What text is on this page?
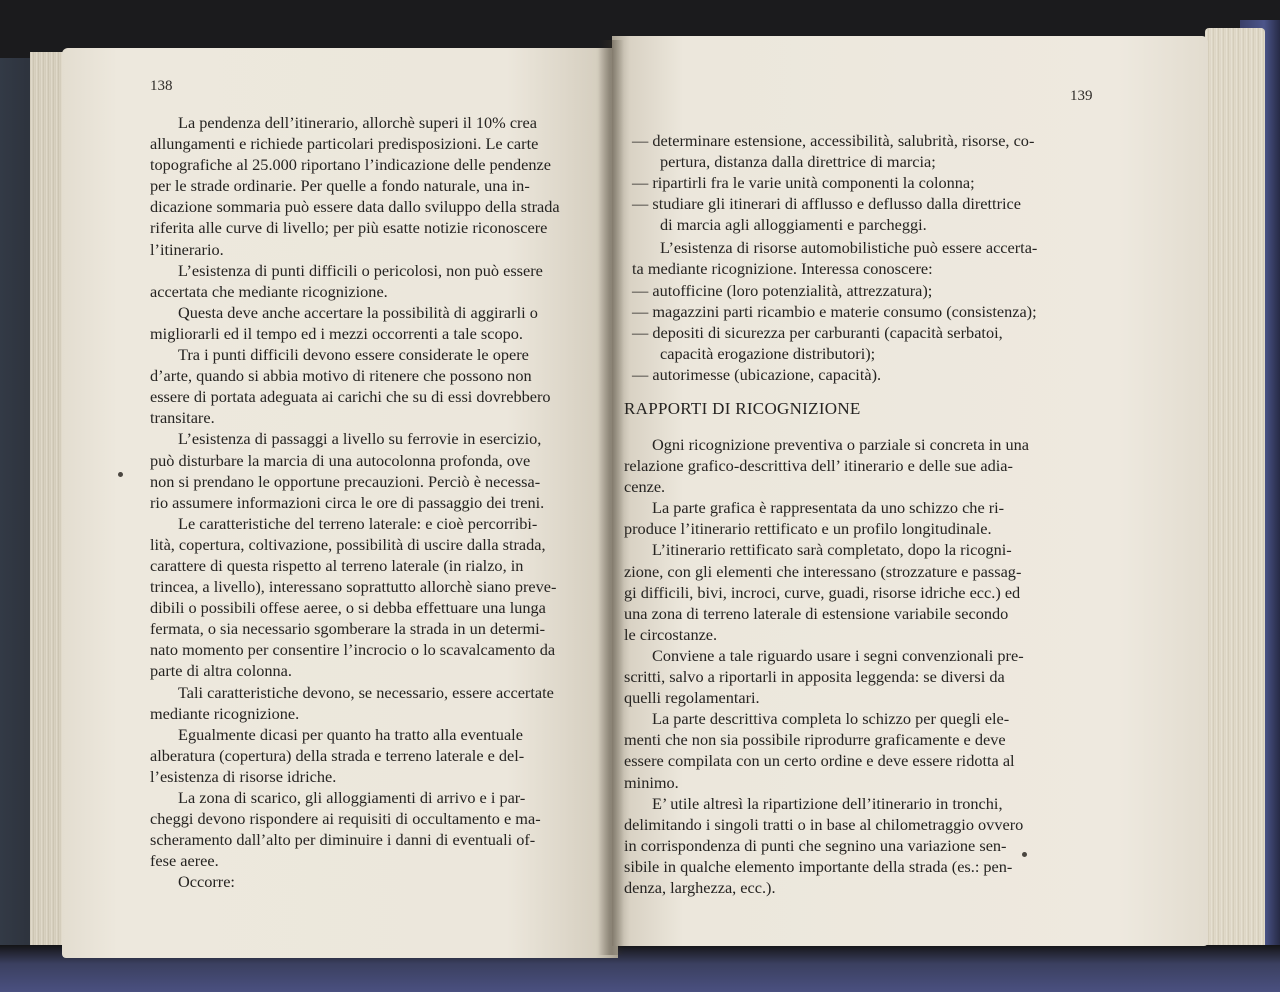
138
La pendenza dell’itinerario, allorchè superi il 10% crea
allungamenti e richiede particolari predisposizioni. Le carte
topografiche al 25.000 riportano l’indicazione delle pendenze
per le strade ordinarie. Per quelle a fondo naturale, una in-
dicazione sommaria può essere data dallo sviluppo della strada
riferita alle curve di livello; per più esatte notizie riconoscere
l’itinerario.
L’esistenza di punti difficili o pericolosi, non può essere
accertata che mediante ricognizione.
Questa deve anche accertare la possibilità di aggirarli o
migliorarli ed il tempo ed i mezzi occorrenti a tale scopo.
Tra i punti difficili devono essere considerate le opere
d’arte, quando si abbia motivo di ritenere che possono non
essere di portata adeguata ai carichi che su di essi dovrebbero
transitare.
L’esistenza di passaggi a livello su ferrovie in esercizio,
può disturbare la marcia di una autocolonna profonda, ove
non si prendano le opportune precauzioni. Perciò è necessa-
rio assumere informazioni circa le ore di passaggio dei treni.
Le caratteristiche del terreno laterale: e cioè percorribi-
lità, copertura, coltivazione, possibilità di uscire dalla strada,
carattere di questa rispetto al terreno laterale (in rialzo, in
trincea, a livello), interessano soprattutto allorchè siano preve-
dibili o possibili offese aeree, o si debba effettuare una lunga
fermata, o sia necessario sgomberare la strada in un determi-
nato momento per consentire l’incrocio o lo scavalcamento da
parte di altra colonna.
Tali caratteristiche devono, se necessario, essere accertate
mediante ricognizione.
Egualmente dicasi per quanto ha tratto alla eventuale
alberatura (copertura) della strada e terreno laterale e del-
l’esistenza di risorse idriche.
La zona di scarico, gli alloggiamenti di arrivo e i par-
cheggi devono rispondere ai requisiti di occultamento e ma-
scheramento dall’alto per diminuire i danni di eventuali of-
fese aeree.
Occorre:
139
— determinare estensione, accessibilità, salubrità, risorse, co-
pertura, distanza dalla direttrice di marcia;
— ripartirli fra le varie unità componenti la colonna;
— studiare gli itinerari di afflusso e deflusso dalla direttrice
di marcia agli alloggiamenti e parcheggi.
L’esistenza di risorse automobilistiche può essere accerta-
ta mediante ricognizione. Interessa conoscere:
— autofficine (loro potenzialità, attrezzatura);
— magazzini parti ricambio e materie consumo (consistenza);
— depositi di sicurezza per carburanti (capacità serbatoi,
capacità erogazione distributori);
— autorimesse (ubicazione, capacità).
RAPPORTI DI RICOGNIZIONE
Ogni ricognizione preventiva o parziale si concreta in una
relazione grafico-descrittiva dell’ itinerario e delle sue adia-
cenze.
La parte grafica è rappresentata da uno schizzo che ri-
produce l’itinerario rettificato e un profilo longitudinale.
L’itinerario rettificato sarà completato, dopo la ricogni-
zione, con gli elementi che interessano (strozzature e passag-
gi difficili, bivi, incroci, curve, guadi, risorse idriche ecc.) ed
una zona di terreno laterale di estensione variabile secondo
le circostanze.
Conviene a tale riguardo usare i segni convenzionali pre-
scritti, salvo a riportarli in apposita leggenda: se diversi da
quelli regolamentari.
La parte descrittiva completa lo schizzo per quegli ele-
menti che non sia possibile riprodurre graficamente e deve
essere compilata con un certo ordine e deve essere ridotta al
minimo.
E’ utile altresì la ripartizione dell’itinerario in tronchi,
delimitando i singoli tratti o in base al chilometraggio ovvero
in corrispondenza di punti che segnino una variazione sen-
sibile in qualche elemento importante della strada (es.: pen-
denza, larghezza, ecc.).
